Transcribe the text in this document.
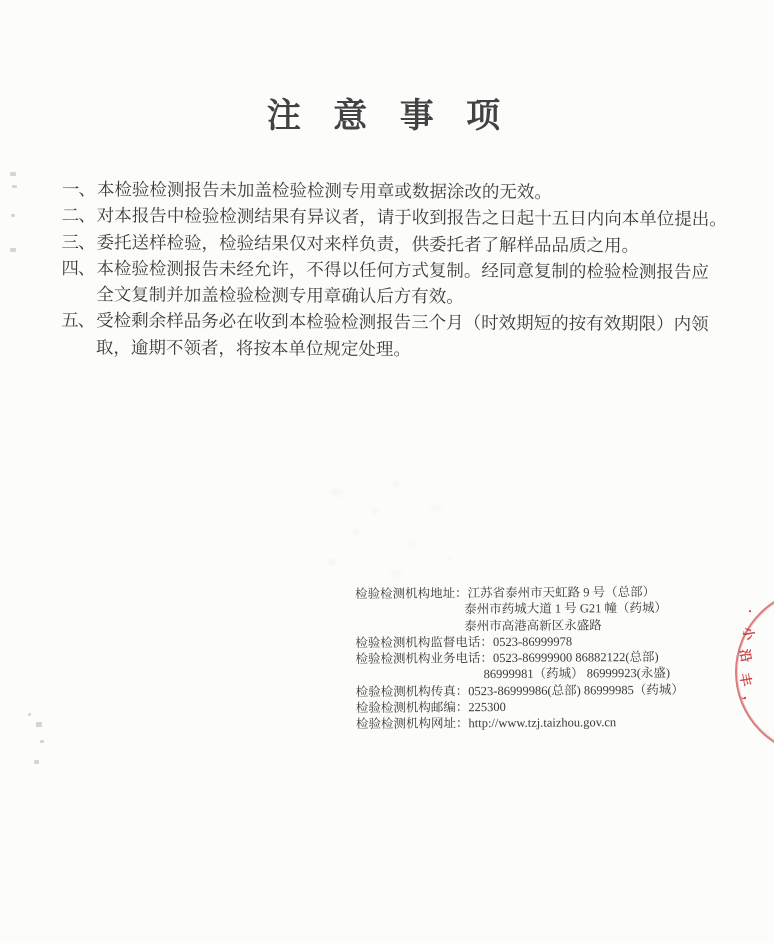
注 意 事 项
一、 本检验检测报告未加盖检验检测专用章或数据涂改的无效。
二、 对本报告中检验检测结果有异议者，请于收到报告之日起十五日内向本单位提出。
三、 委托送样检验，检验结果仅对来样负责，供委托者了解样品品质之用。
四、 本检验检测报告未经允许，不得以任何方式复制。经同意复制的检验检测报告应
全文复制并加盖检验检测专用章确认后方有效。
五、 受检剩余样品务必在收到本检验检测报告三个月（时效期短的按有效期限）内领
取，逾期不领者，将按本单位规定处理。
检验检测机构地址：江苏省泰州市天虹路 9 号（总部）
泰州市药城大道 1 号 G21 幢（药城）
泰州市高港高新区永盛路
检验检测机构监督电话：0523-86999978
检验检测机构业务电话：0523-86999900 86882122(总部)
86999981（药城） 86999923(永盛)
检验检测机构传真：0523-86999986(总部) 86999985（药城）
检验检测机构邮编：225300
检验检测机构网址：http://www.tzj.taizhou.gov.cn
·
小
沿
丰
，
